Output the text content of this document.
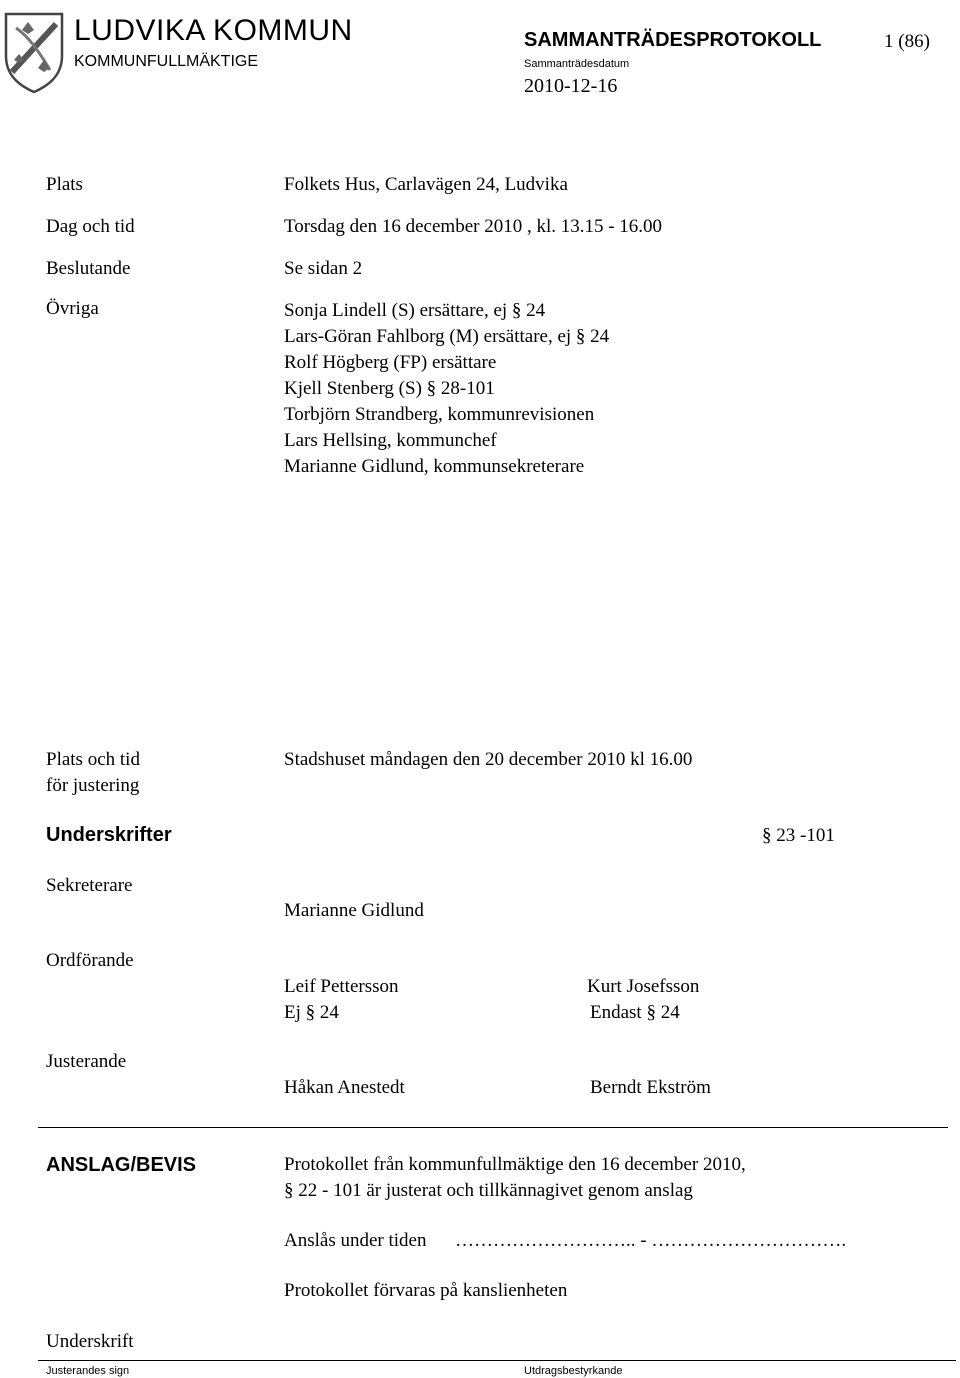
LUDVIKA KOMMUN
KOMMUNFULLMÄKTIGE
SAMMANTRÄDESPROTOKOLL	1 (86)
Sammanträdesdatum
2010-12-16
Plats	Folkets Hus, Carlavägen 24, Ludvika
Dag och tid	Torsdag den 16 december 2010 , kl. 13.15 - 16.00
Beslutande	Se sidan 2
Övriga	Sonja Lindell (S) ersättare, ej § 24
Lars-Göran Fahlborg (M) ersättare, ej § 24
Rolf Högberg (FP) ersättare
Kjell Stenberg (S) § 28-101
Torbjörn Strandberg, kommunrevisionen
Lars Hellsing, kommunchef
Marianne Gidlund, kommunsekreterare
Plats och tid
för justering
Stadshuset måndagen den 20 december 2010 kl 16.00
Underskrifter	§ 23 -101
Sekreterare
Marianne Gidlund
Ordförande
Leif Pettersson
Ej § 24
Kurt Josefsson
Endast § 24
Justerande
Håkan Anestedt	Berndt Ekström
ANSLAG/BEVIS	Protokollet från kommunfullmäktige den 16 december 2010,
§ 22 - 101 är justerat och tillkännagivet genom anslag
Anslås under tiden ……………………….. - ………………………….
Protokollet förvaras på kanslienheten
Underskrift
Justerandes sign	Utdragsbestyrkande
